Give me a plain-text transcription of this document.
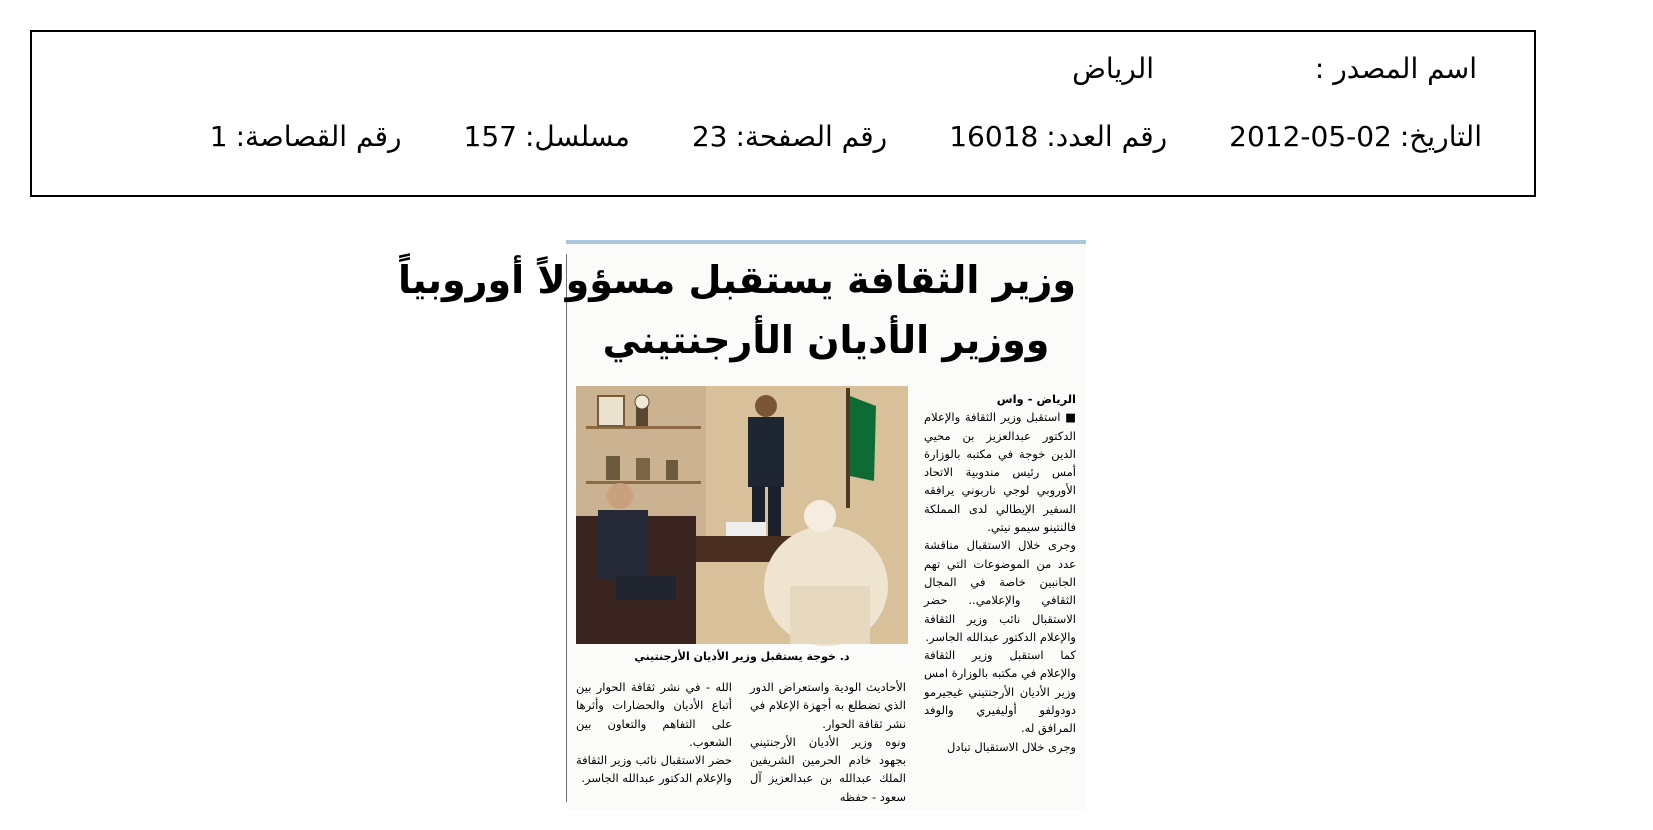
اسم المصدر :
الرياض
التاريخ:
2012-05-02
رقم العدد:
16018
رقم الصفحة:
23
مسلسل:
157
رقم القصاصة:
1
وزير الثقافة يستقبل مسؤولاً أوروبياً
ووزير الأديان الأرجنتيني
د. خوجة يستقبل وزير الأديان الأرجنتيني
الرياض - واس
■ استقبل وزير الثقافة والإعلام الدكتور عبدالعزيز بن محيي الدين خوجة في مكتبه بالوزارة أمس رئيس مندوبية الاتحاد الأوروبي لوجي ناربوني يرافقه السفير الإيطالي لدى المملكة فالنتينو سيمو نيتي.
وجرى خلال الاستقبال مناقشة عدد من الموضوعات التي تهم الجانبين خاصة في المجال الثقافي والإعلامي.. حضر الاستقبال نائب وزير الثقافة والإعلام الدكتور عبدالله الجاسر.
كما استقبل وزير الثقافة والإعلام في مكتبه بالوزارة امس وزير الأديان الأرجنتيني غيجيرمو دودولفو أوليفيري والوفد المرافق له.
وجرى خلال الاستقبال تبادل
الأحاديث الودية واستعراض الدور الذي تضطلع به أجهزة الإعلام في نشر ثقافة الحوار.
ونوه وزير الأديان الأرجنتيني بجهود خادم الحرمين الشريفين الملك عبدالله بن عبدالعزيز آل سعود - حفظه
الله - في نشر ثقافة الحوار بين أتباع الأديان والحضارات وأثرها على التفاهم والتعاون بين الشعوب.
حضر الاستقبال نائب وزير الثقافة والإعلام الدكتور عبدالله الجاسر.
